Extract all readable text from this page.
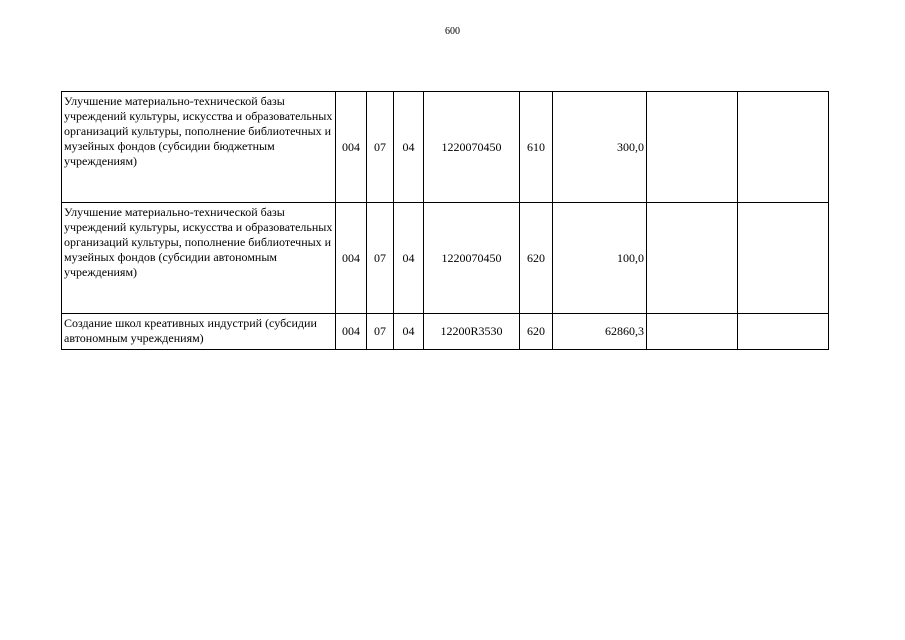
600
Улучшение материально-технической базы учреждений культуры, искусства и образовательных организаций культуры, пополнение библиотечных и музейных фондов (субсидии бюджетным учреждениям)	004	07	04	1220070450	610	300,0		
Улучшение материально-технической базы учреждений культуры, искусства и образовательных организаций культуры, пополнение библиотечных и музейных фондов (субсидии автономным учреждениям)	004	07	04	1220070450	620	100,0		
Создание школ креативных индустрий (субсидии автономным учреждениям)	004	07	04	12200R3530	620	62860,3		
